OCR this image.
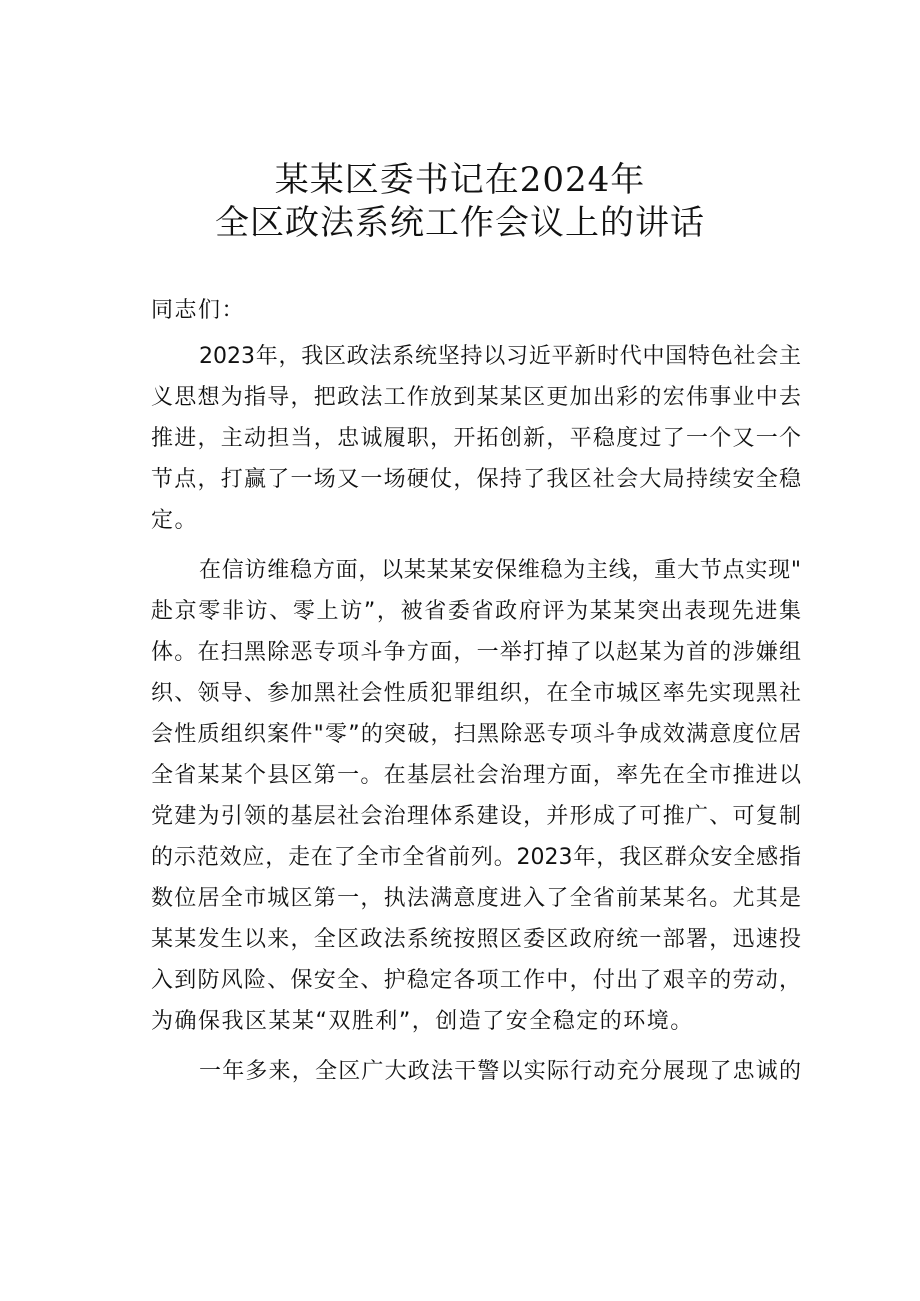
某某区委书记在2024年
全区政法系统工作会议上的讲话
同志们：
2023年，我区政法系统坚持以习近平新时代中国特色社会主
义思想为指导，把政法工作放到某某区更加出彩的宏伟事业中去
推进，主动担当，忠诚履职，开拓创新，平稳度过了一个又一个
节点，打赢了一场又一场硬仗，保持了我区社会大局持续安全稳
定。
在信访维稳方面，以某某某安保维稳为主线，重大节点实现"
赴京零非访、零上访”，被省委省政府评为某某突出表现先进集
体。在扫黑除恶专项斗争方面，一举打掉了以赵某为首的涉嫌组
织、领导、参加黑社会性质犯罪组织，在全市城区率先实现黑社
会性质组织案件"零”的突破，扫黑除恶专项斗争成效满意度位居
全省某某个县区第一。在基层社会治理方面，率先在全市推进以
党建为引领的基层社会治理体系建设，并形成了可推广、可复制
的示范效应，走在了全市全省前列。2023年，我区群众安全感指
数位居全市城区第一，执法满意度进入了全省前某某名。尤其是
某某发生以来，全区政法系统按照区委区政府统一部署，迅速投
入到防风险、保安全、护稳定各项工作中，付出了艰辛的劳动，
为确保我区某某“双胜利”，创造了安全稳定的环境。
一年多来，全区广大政法干警以实际行动充分展现了忠诚的
